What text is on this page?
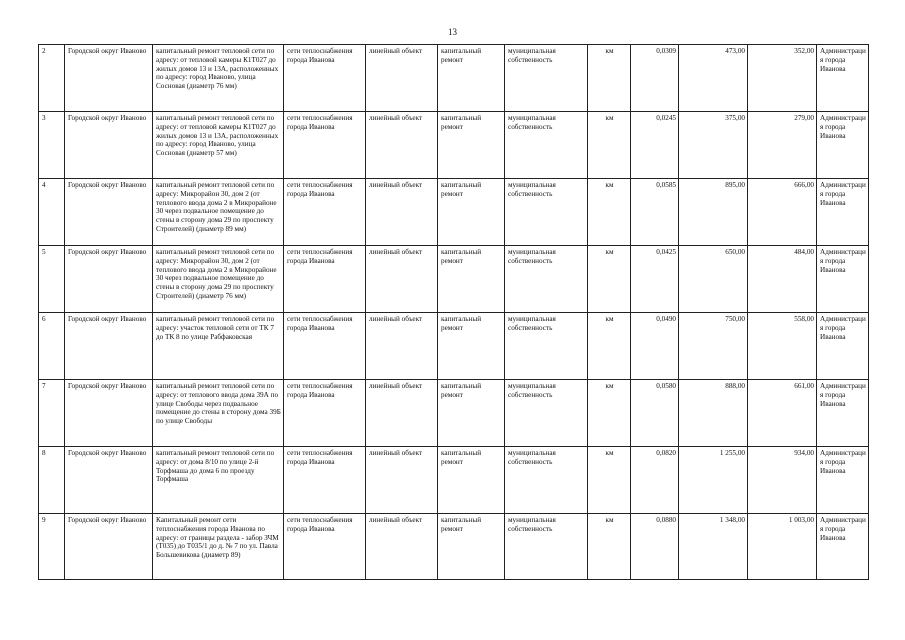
13
2	Городской округ Иваново	капитальный ремонт тепловой сети по адресу: от тепловой камеры К1Т027 до жилых домов 13 и 13А, расположенных по адресу: город Иваново, улица Сосновая (диаметр 76 мм)	сети теплоснабжения города Иванова	линейный объект	капитальный ремонт	муниципальная собственность	км	0,0309	473,00	352,00	Администрация города Иванова
3	Городской округ Иваново	капитальный ремонт тепловой сети по адресу: от тепловой камеры К1Т027 до жилых домов 13 и 13А, расположенных по адресу: город Иваново, улица Сосновая (диаметр 57 мм)	сети теплоснабжения города Иванова	линейный объект	капитальный ремонт	муниципальная собственность	км	0,0245	375,00	279,00	Администрация города Иванова
4	Городской округ Иваново	капитальный ремонт тепловой сети по адресу: Микрорайон 30, дом 2 (от теплового ввода дома 2 в Микрорайоне 30 через подвальное помещение до стены в сторону дома 29 по проспекту Строителей) (диаметр 89 мм)	сети теплоснабжения города Иванова	линейный объект	капитальный ремонт	муниципальная собственность	км	0,0585	895,00	666,00	Администрация города Иванова
5	Городской округ Иваново	капитальный ремонт тепловой сети по адресу: Микрорайон 30, дом 2 (от теплового ввода дома 2 в Микрорайоне 30 через подвальное помещение до стены в сторону дома 29 по проспекту Строителей) (диаметр 76 мм)	сети теплоснабжения города Иванова	линейный объект	капитальный ремонт	муниципальная собственность	км	0,0425	650,00	484,00	Администрация города Иванова
6	Городской округ Иваново	капитальный ремонт тепловой сети по адресу: участок тепловой сети от ТК 7 до ТК 8 по улице Рабфаковская	сети теплоснабжения города Иванова	линейный объект	капитальный ремонт	муниципальная собственность	км	0,0490	750,00	558,00	Администрация города Иванова
7	Городской округ Иваново	капитальный ремонт тепловой сети по адресу: от теплового ввода дома 39А по улице Свободы через подвальное помещение до стены в сторону дома 39Б по улице Свободы	сети теплоснабжения города Иванова	линейный объект	капитальный ремонт	муниципальная собственность	км	0,0580	888,00	661,00	Администрация города Иванова
8	Городской округ Иваново	капитальный ремонт тепловой сети по адресу: от дома 8/10 по улице 2-й Торфмаша до дома 6 по проезду Торфмаша	сети теплоснабжения города Иванова	линейный объект	капитальный ремонт	муниципальная собственность	км	0,0820	1 255,00	934,00	Администрация города Иванова
9	Городской округ Иваново	Капитальный ремонт сети теплоснабжения города Иванова по адресу: от границы раздела - забор ЗЧМ (Т035) до Т035/1 до д. № 7 по ул. Павла Большевикова (диаметр 89)	сети теплоснабжения города Иванова	линейный объект	капитальный ремонт	муниципальная собственность	км	0,0880	1 348,00	1 003,00	Администрация города Иванова
